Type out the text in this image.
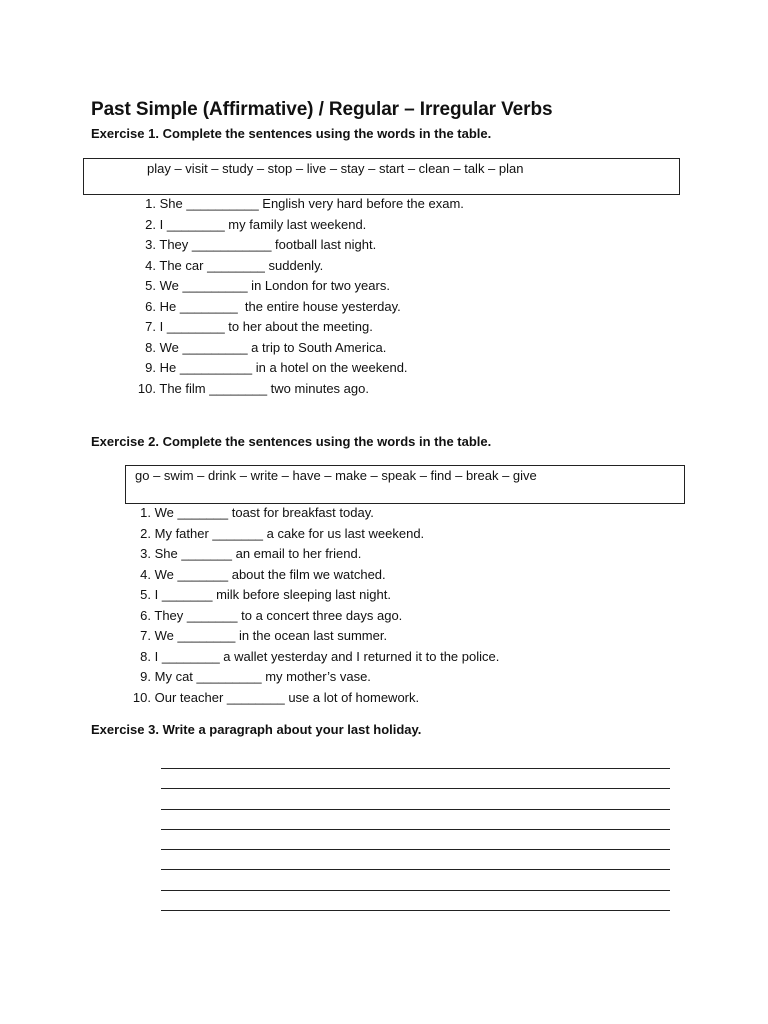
Past Simple (Affirmative) / Regular – Irregular Verbs
Exercise 1. Complete the sentences using the words in the table.
play – visit – study – stop – live – stay – start – clean – talk – plan
1. She __________ English very hard before the exam.
2. I ________ my family last weekend.
3. They ___________ football last night.
4. The car ________ suddenly.
5. We _________ in London for two years.
6. He ________  the entire house yesterday.
7. I ________ to her about the meeting.
8. We _________ a trip to South America.
9. He __________ in a hotel on the weekend.
10. The film ________ two minutes ago.
Exercise 2. Complete the sentences using the words in the table.
go – swim – drink – write – have – make – speak – find – break – give
1. We _______ toast for breakfast today.
2. My father _______ a cake for us last weekend.
3. She _______ an email to her friend.
4. We _______ about the film we watched.
5. I _______ milk before sleeping last night.
6. They _______ to a concert three days ago.
7. We ________ in the ocean last summer.
8. I ________ a wallet yesterday and I returned it to the police.
9. My cat _________ my mother’s vase.
10. Our teacher ________ use a lot of homework.
Exercise 3. Write a paragraph about your last holiday.
